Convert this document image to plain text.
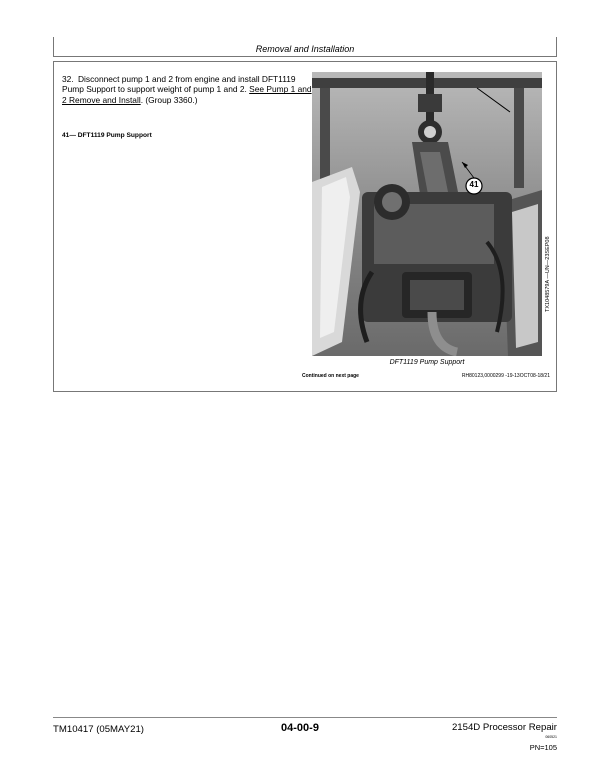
Removal and Installation
32. Disconnect pump 1 and 2 from engine and install DFT1119 Pump Support to support weight of pump 1 and 2. See Pump 1 and 2 Remove and Install. (Group 3360.)
41— DFT1119 Pump Support
41
TX1048579A —UN—23SEP08
DFT1119 Pump Support
Continued on next page	RH80123,0000299 -19-13OCT08-18/21
TM10417 (05MAY21)	04-00-9	2154D Processor Repair
060521
PN=105
